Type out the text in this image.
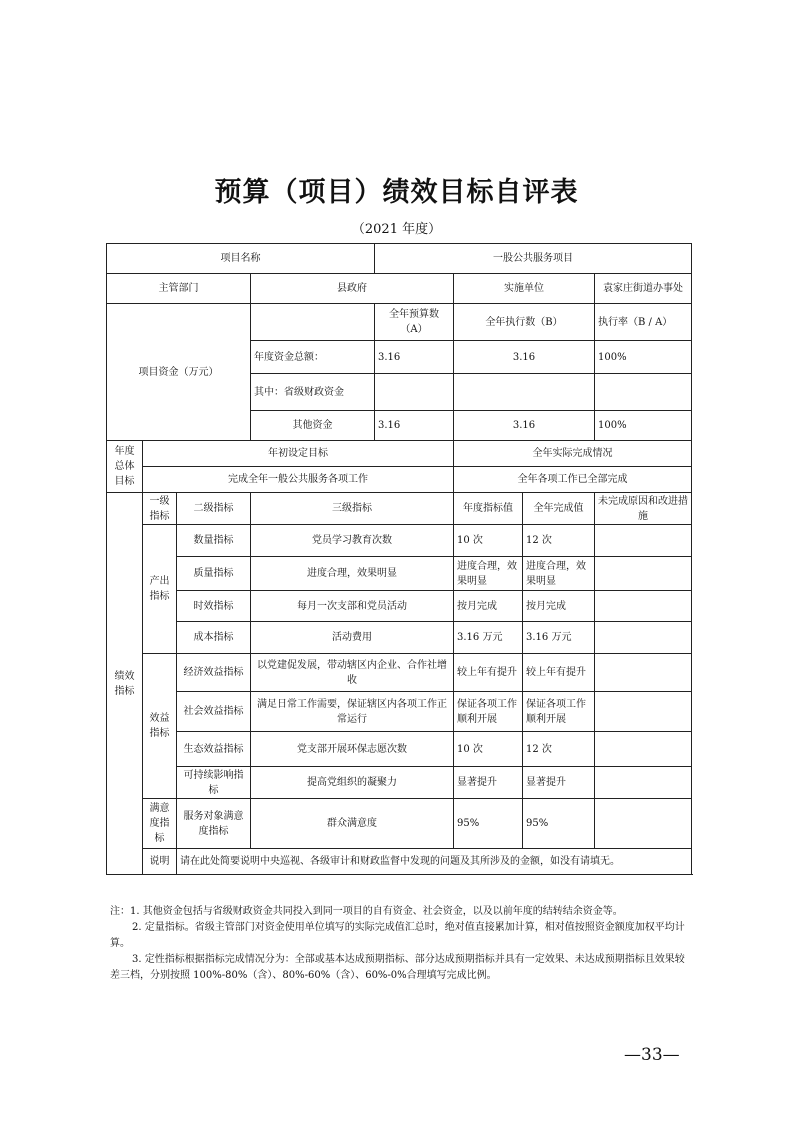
预算（项目）绩效目标自评表
（2021 年度）
项目名称				一股公共服务项目			
主管部门			县政府		实施单位		袁家庄街道办事处
项目资金（万元）				全年预算数（A）	全年执行数（B）		执行率（B / A）
			年度资金总额：	3.16	3.16		100%
			其中：省级财政资金				
			其他资金	3.16	3.16		100%
年度总体目标	年初设定目标				全年实际完成情况		
	完成全年一般公共服务各项工作				全年各项工作已全部完成		
绩效指标	一级指标	二级指标	三级指标		年度指标值	全年完成值	未完成原因和改进措施
	产出指标	数量指标	党员学习教育次数		10 次	12 次	
		质量指标	进度合理，效果明显		进度合理，效果明显	进度合理，效果明显	
		时效指标	每月一次支部和党员活动		按月完成	按月完成	
		成本指标	活动费用		3.16 万元	3.16 万元	
	效益指标	经济效益指标	以党建促发展，带动辖区内企业、合作社增收		较上年有提升	较上年有提升	
		社会效益指标	满足日常工作需要，保证辖区内各项工作正常运行		保证各项工作顺利开展	保证各项工作顺利开展	
		生态效益指标	党支部开展环保志愿次数		10 次	12 次	
		可持续影响指标	提高党组织的凝聚力		显著提升	显著提升	
	满意度指标	服务对象满意度指标	群众满意度		95%	95%	
	说明	请在此处简要说明中央巡视、各级审计和财政监督中发现的问题及其所涉及的金额，如没有请填无。					

注：1. 其他资金包括与省级财政资金共同投入到同一项目的自有资金、社会资金，以及以前年度的结转结余资金等。

2. 定量指标。省级主管部门对资金使用单位填写的实际完成值汇总时，绝对值直接累加计算，相对值按照资金额度加权平均计算。

3. 定性指标根据指标完成情况分为：全部或基本达成预期指标、部分达成预期指标并具有一定效果、未达成预期指标且效果较差三档，分别按照 100%-80%（含）、80%-60%（含）、60%-0%合理填写完成比例。

—33—
